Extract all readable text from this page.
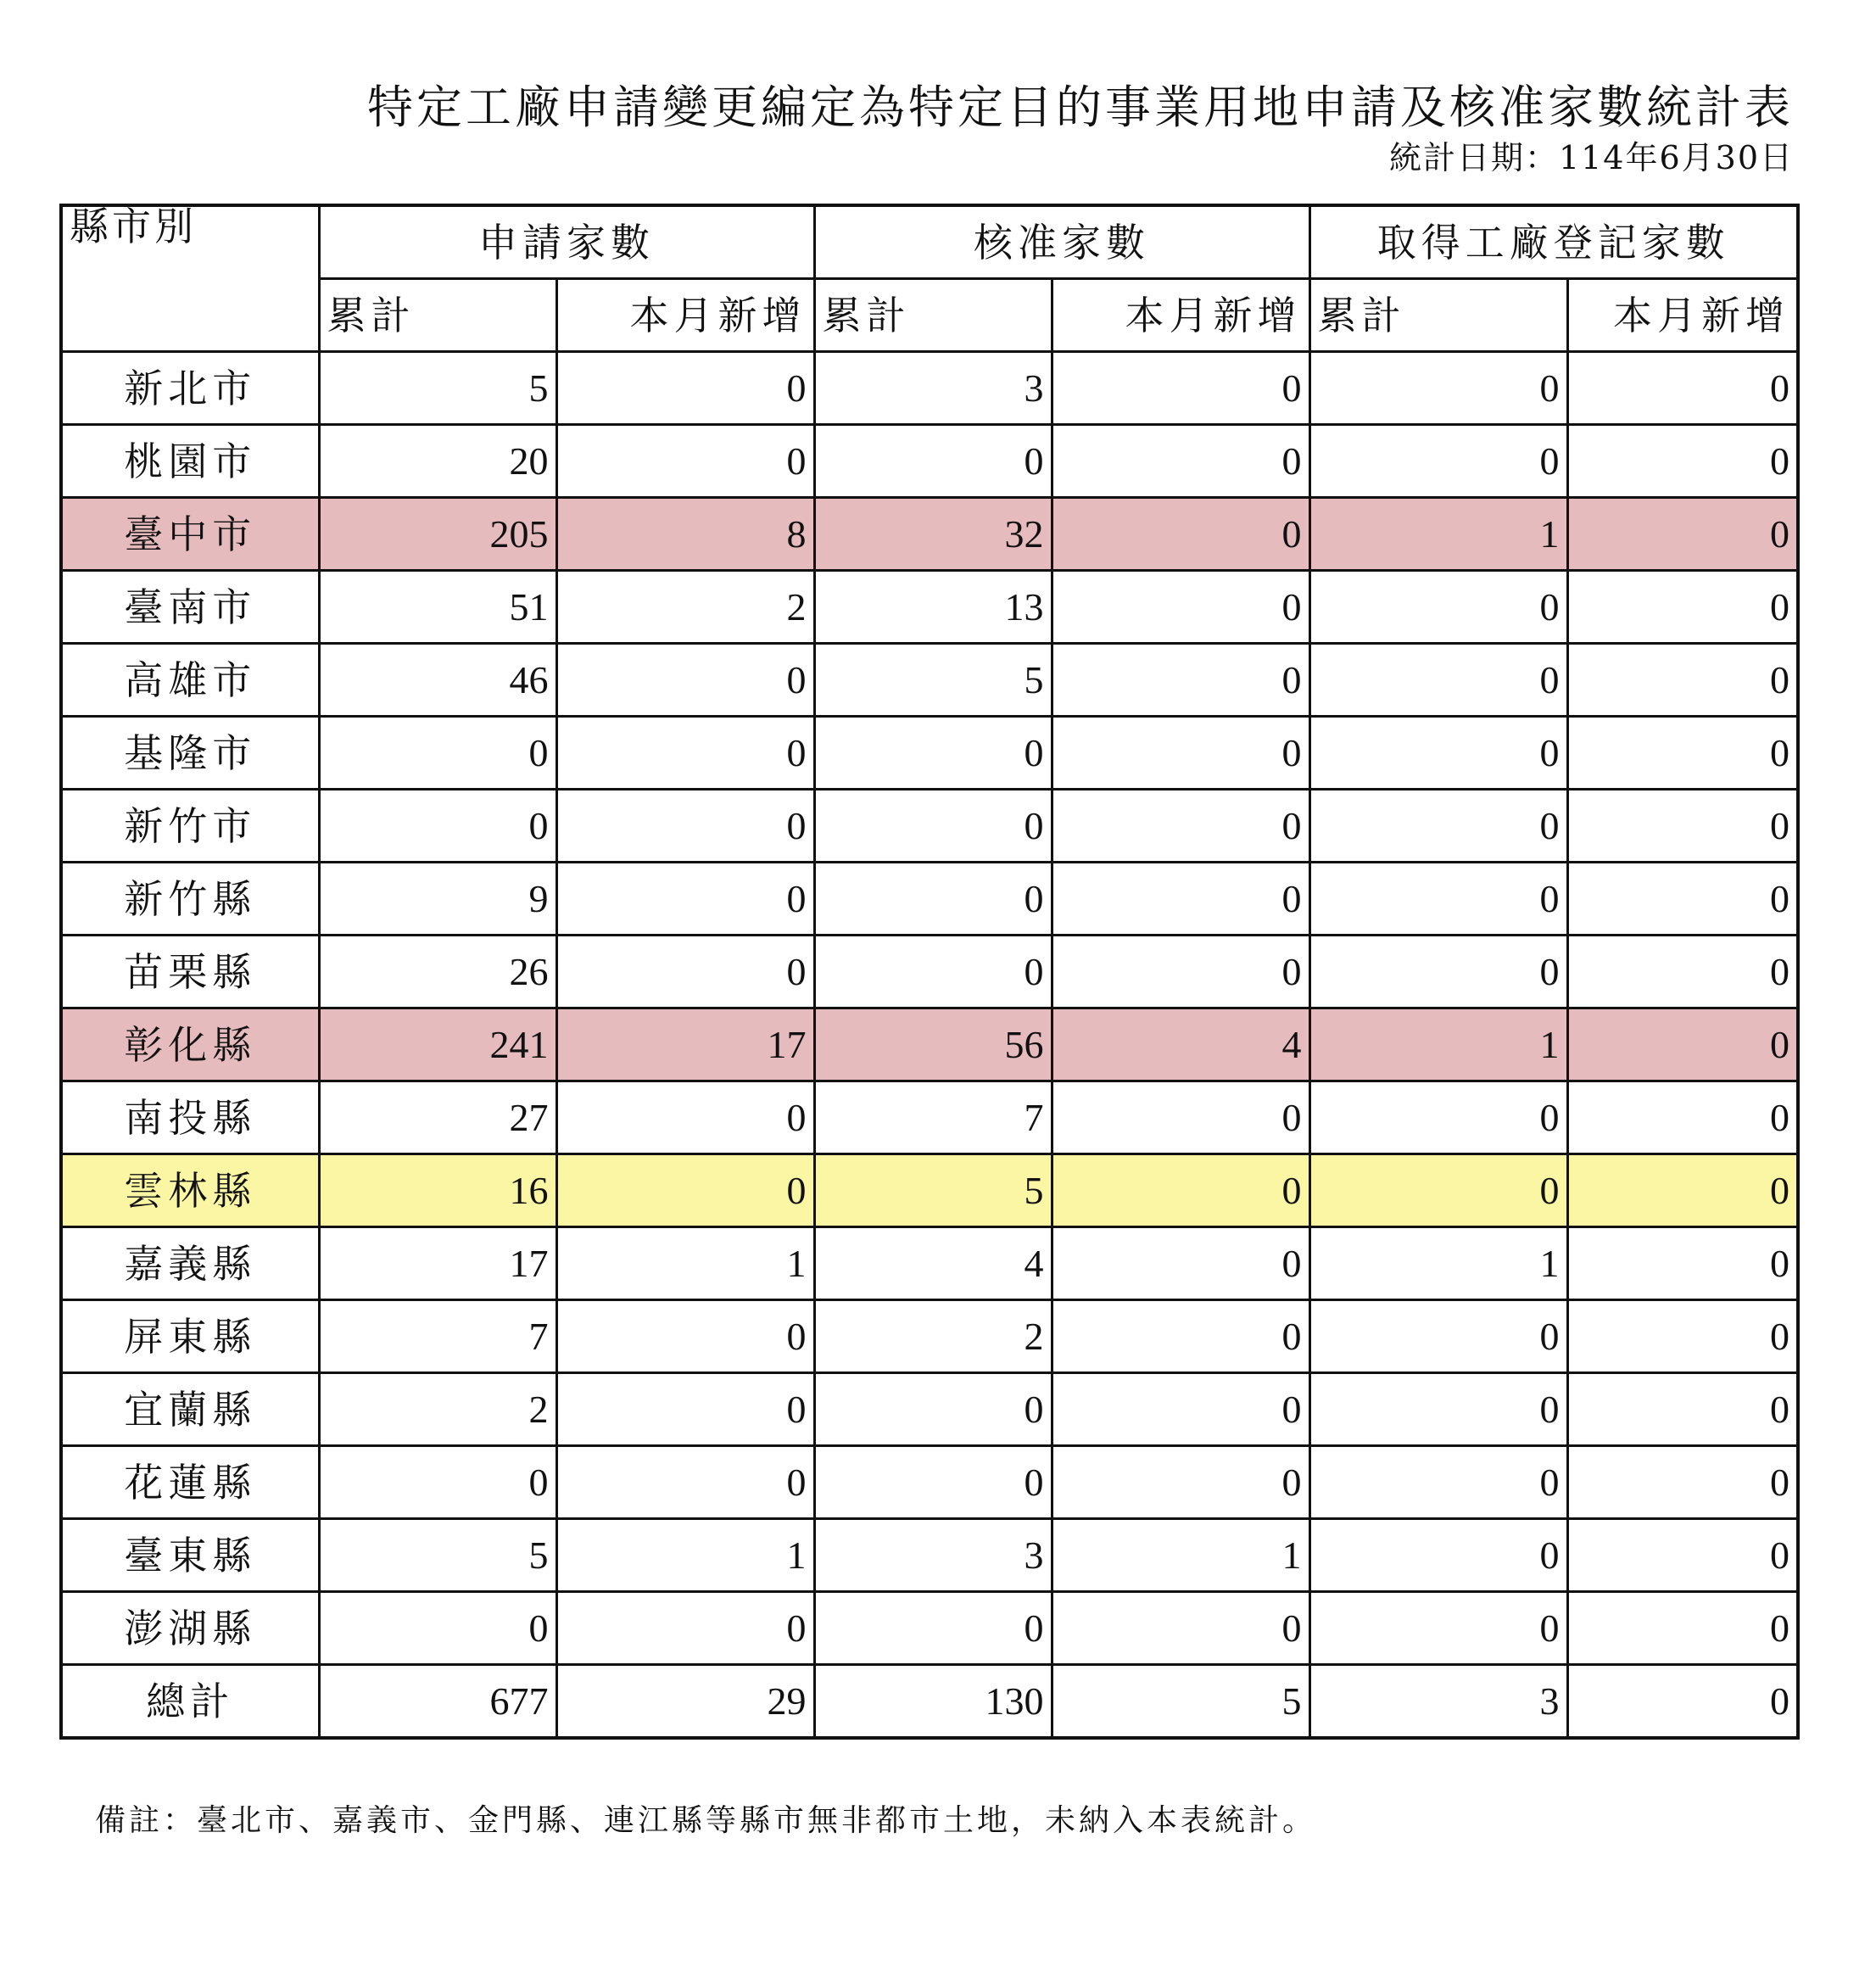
特定工廠申請變更編定為特定目的事業用地申請及核准家數統計表
統計日期：114年6月30日
縣市別	申請家數		核准家數		取得工廠登記家數	
	累計	本月新增	累計	本月新增	累計	本月新增
新北市	5	0	3	0	0	0
桃園市	20	0	0	0	0	0
臺中市	205	8	32	0	1	0
臺南市	51	2	13	0	0	0
高雄市	46	0	5	0	0	0
基隆市	0	0	0	0	0	0
新竹市	0	0	0	0	0	0
新竹縣	9	0	0	0	0	0
苗栗縣	26	0	0	0	0	0
彰化縣	241	17	56	4	1	0
南投縣	27	0	7	0	0	0
雲林縣	16	0	5	0	0	0
嘉義縣	17	1	4	0	1	0
屏東縣	7	0	2	0	0	0
宜蘭縣	2	0	0	0	0	0
花蓮縣	0	0	0	0	0	0
臺東縣	5	1	3	1	0	0
澎湖縣	0	0	0	0	0	0
總計	677	29	130	5	3	0
備註：臺北市、嘉義市、金門縣、連江縣等縣市無非都市土地，未納入本表統計。
